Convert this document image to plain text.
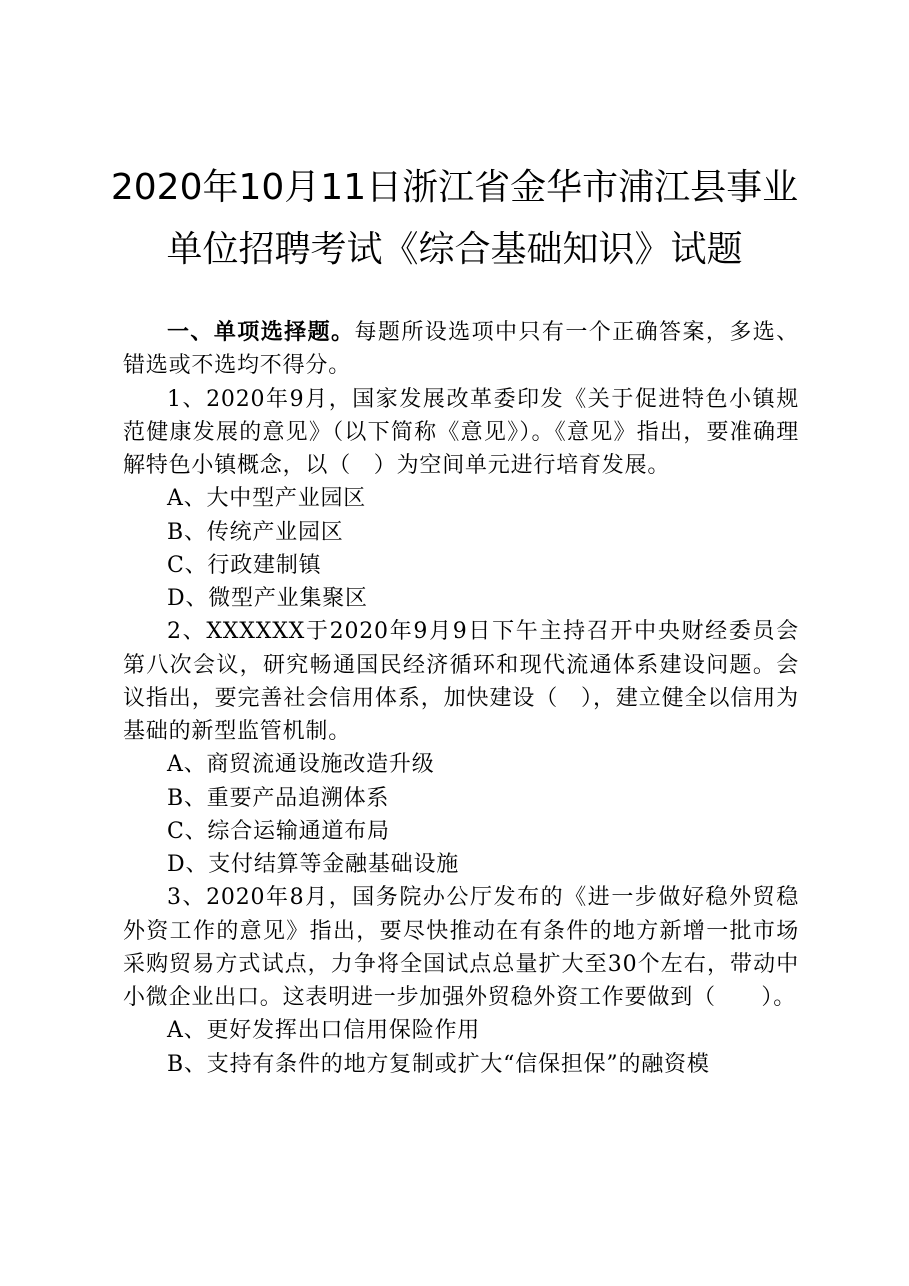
2020年10月11日浙江省金华市浦江县事业
单位招聘考试《综合基础知识》试题

一、单项选择题。每题所设选项中只有一个正确答案，多选、错选或不选均不得分。

1、2020年9月，国家发展改革委印发《关于促进特色小镇规范健康发展的意见》（以下简称《意见》）。《意见》指出，要准确理解特色小镇概念，以（　）为空间单元进行培育发展。

A、大中型产业园区

B、传统产业园区

C、行政建制镇

D、微型产业集聚区

2、XXXXXX于2020年9月9日下午主持召开中央财经委员会第八次会议，研究畅通国民经济循环和现代流通体系建设问题。会议指出，要完善社会信用体系，加快建设（　），建立健全以信用为基础的新型监管机制。

A、商贸流通设施改造升级

B、重要产品追溯体系

C、综合运输通道布局

D、支付结算等金融基础设施

3、2020年8月，国务院办公厅发布的《进一步做好稳外贸稳外资工作的意见》指出，要尽快推动在有条件的地方新增一批市场采购贸易方式试点，力争将全国试点总量扩大至30个左右，带动中小微企业出口。这表明进一步加强外贸稳外资工作要做到（　　）。

A、更好发挥出口信用保险作用

B、支持有条件的地方复制或扩大“信保担保”的融资模
